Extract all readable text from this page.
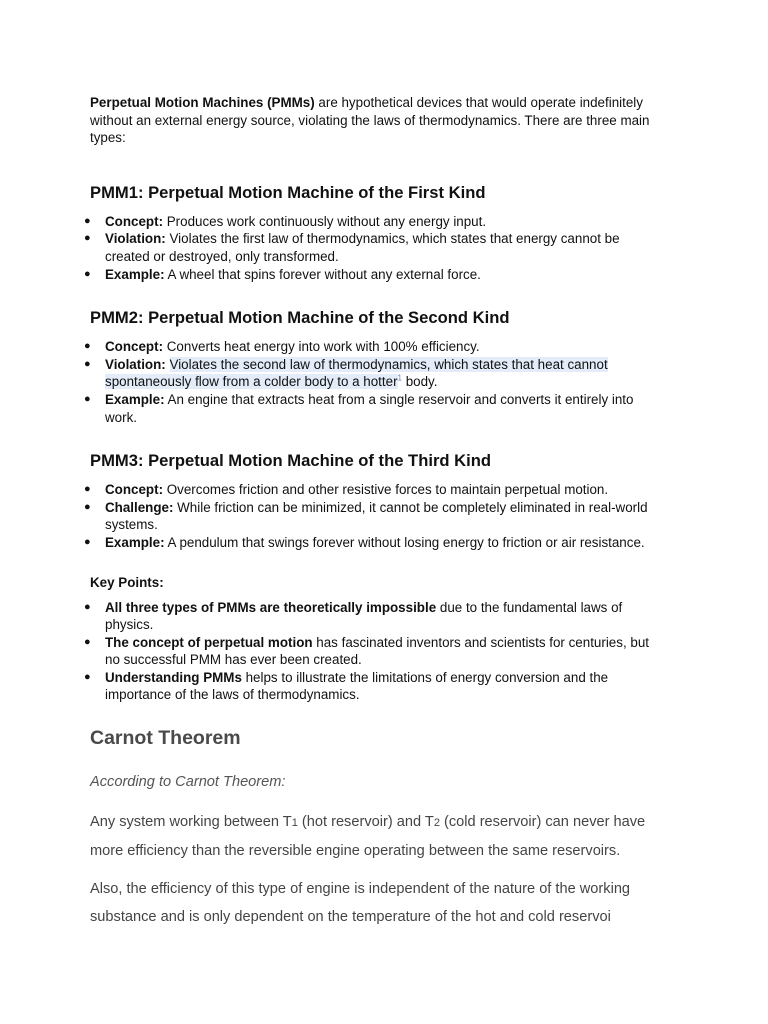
Perpetual Motion Machines (PMMs) are hypothetical devices that would operate indefinitely
without an external energy source, violating the laws of thermodynamics. There are three main
types:

PMM1: Perpetual Motion Machine of the First Kind
● Concept: Produces work continuously without any energy input.
● Violation: Violates the first law of thermodynamics, which states that energy cannot be
created or destroyed, only transformed.
● Example: A wheel that spins forever without any external force.
PMM2: Perpetual Motion Machine of the Second Kind
● Concept: Converts heat energy into work with 100% efficiency.
● Violation: Violates the second law of thermodynamics, which states that heat cannot
spontaneously flow from a colder body to a hotter$^1$ body.
● Example: An engine that extracts heat from a single reservoir and converts it entirely into
work.
PMM3: Perpetual Motion Machine of the Third Kind
● Concept: Overcomes friction and other resistive forces to maintain perpetual motion.
● Challenge: While friction can be minimized, it cannot be completely eliminated in real-world
systems.
● Example: A pendulum that swings forever without losing energy to friction or air resistance.
Key Points:
● All three types of PMMs are theoretically impossible due to the fundamental laws of
physics.
● The concept of perpetual motion has fascinated inventors and scientists for centuries, but
no successful PMM has ever been created.
● Understanding PMMs helps to illustrate the limitations of energy conversion and the
importance of the laws of thermodynamics.
Carnot Theorem

According to Carnot Theorem:

Any system working between T1 (hot reservoir) and T2 (cold reservoir) can never have
more efficiency than the reversible engine operating between the same reservoirs.

Also, the efficiency of this type of engine is independent of the nature of the working
substance and is only dependent on the temperature of the hot and cold reservoi
